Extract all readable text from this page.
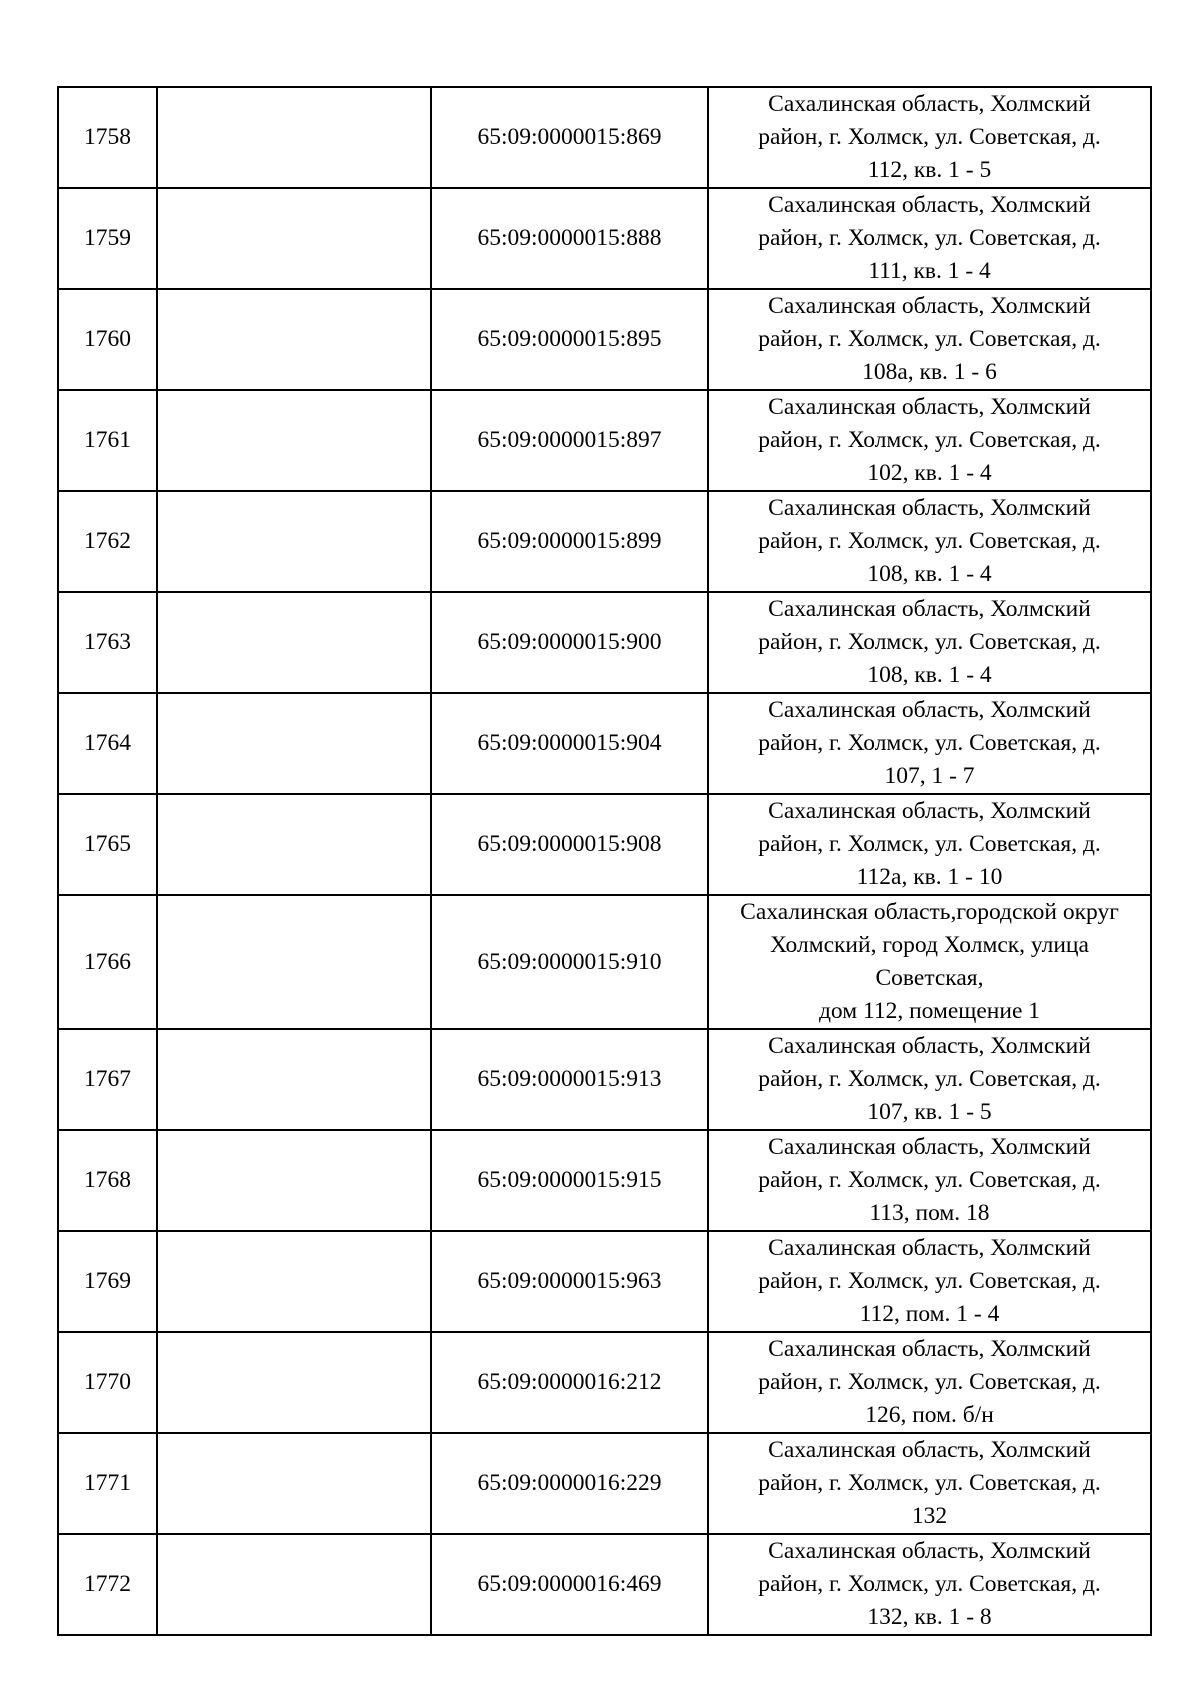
1758		65:09:0000015:869	Сахалинская область, Холмский
район, г. Холмск, ул. Советская, д.
112, кв. 1 - 5
1759		65:09:0000015:888	Сахалинская область, Холмский
район, г. Холмск, ул. Советская, д.
111, кв. 1 - 4
1760		65:09:0000015:895	Сахалинская область, Холмский
район, г. Холмск, ул. Советская, д.
108а, кв. 1 - 6
1761		65:09:0000015:897	Сахалинская область, Холмский
район, г. Холмск, ул. Советская, д.
102, кв. 1 - 4
1762		65:09:0000015:899	Сахалинская область, Холмский
район, г. Холмск, ул. Советская, д.
108, кв. 1 - 4
1763		65:09:0000015:900	Сахалинская область, Холмский
район, г. Холмск, ул. Советская, д.
108, кв. 1 - 4
1764		65:09:0000015:904	Сахалинская область, Холмский
район, г. Холмск, ул. Советская, д.
107, 1 - 7
1765		65:09:0000015:908	Сахалинская область, Холмский
район, г. Холмск, ул. Советская, д.
112а, кв. 1 - 10
1766		65:09:0000015:910	Сахалинская область,городской округ
Холмский, город Холмск, улица
Советская,
дом 112, помещение 1
1767		65:09:0000015:913	Сахалинская область, Холмский
район, г. Холмск, ул. Советская, д.
107, кв. 1 - 5
1768		65:09:0000015:915	Сахалинская область, Холмский
район, г. Холмск, ул. Советская, д.
113, пом. 18
1769		65:09:0000015:963	Сахалинская область, Холмский
район, г. Холмск, ул. Советская, д.
112, пом. 1 - 4
1770		65:09:0000016:212	Сахалинская область, Холмский
район, г. Холмск, ул. Советская, д.
126, пом. б/н
1771		65:09:0000016:229	Сахалинская область, Холмский
район, г. Холмск, ул. Советская, д.
132
1772		65:09:0000016:469	Сахалинская область, Холмский
район, г. Холмск, ул. Советская, д.
132, кв. 1 - 8
